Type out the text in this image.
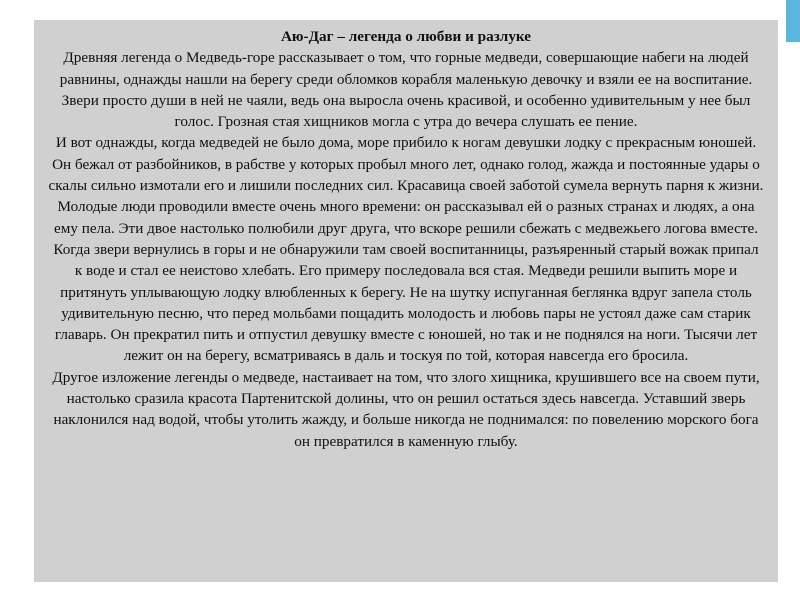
Аю-Даг – легенда о любви и разлуке

Древняя легенда о Медведь-горе рассказывает о том, что горные медведи, совершающие набеги на людей равнины, однажды нашли на берегу среди обломков корабля маленькую девочку и взяли ее на воспитание. Звери просто души в ней не чаяли, ведь она выросла очень красивой, и особенно удивительным у нее был голос. Грозная стая хищников могла с утра до вечера слушать ее пение.

И вот однажды, когда медведей не было дома, море прибило к ногам девушки лодку с прекрасным юношей. Он бежал от разбойников, в рабстве у которых пробыл много лет, однако голод, жажда и постоянные удары о скалы сильно измотали его и лишили последних сил. Красавица своей заботой сумела вернуть парня к жизни. Молодые люди проводили вместе очень много времени: он рассказывал ей о разных странах и людях, а она ему пела. Эти двое настолько полюбили друг друга, что вскоре решили сбежать с медвежьего логова вместе.

Когда звери вернулись в горы и не обнаружили там своей воспитанницы, разъяренный старый вожак припал к воде и стал ее неистово хлебать. Его примеру последовала вся стая. Медведи решили выпить море и притянуть уплывающую лодку влюбленных к берегу. Не на шутку испуганная беглянка вдруг запела столь удивительную песню, что перед мольбами пощадить молодость и любовь пары не устоял даже сам старик главарь. Он прекратил пить и отпустил девушку вместе с юношей, но так и не поднялся на ноги. Тысячи лет лежит он на берегу, всматриваясь в даль и тоскуя по той, которая навсегда его бросила.

Другое изложение легенды о медведе, настаивает на том, что злого хищника, крушившего все на своем пути, настолько сразила красота Партенитской долины, что он решил остаться здесь навсегда. Уставший зверь наклонился над водой, чтобы утолить жажду, и больше никогда не поднимался: по повелению морского бога он превратился в каменную глыбу.
